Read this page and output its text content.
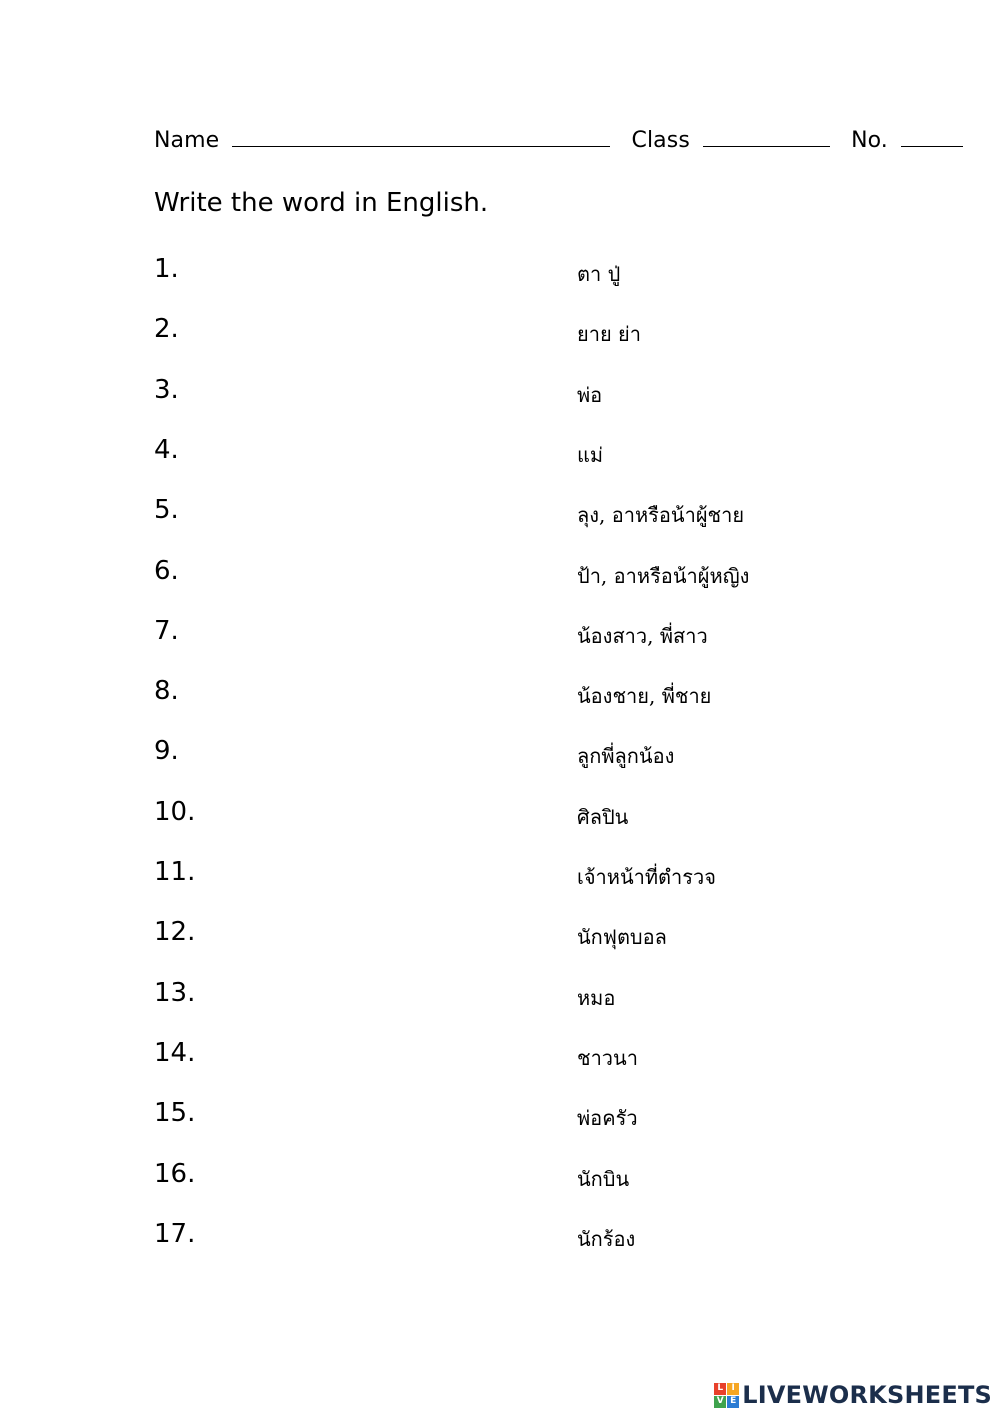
Name	Class	No.
Write the word in English.
1.	ตา ปู่
2.	ยาย ย่า
3.	พ่อ
4.	แม่
5.	ลุง, อาหรือน้าผู้ชาย
6.	ป้า, อาหรือน้าผู้หญิง
7.	น้องสาว, พี่สาว
8.	น้องชาย, พี่ชาย
9.	ลูกพี่ลูกน้อง
10.	ศิลปิน
11.	เจ้าหน้าที่ตำรวจ
12.	นักฟุตบอล
13.	หมอ
14.	ชาวนา
15.	พ่อครัว
16.	นักบิน
17.	นักร้อง
L I
V E LIVEWORKSHEETS
